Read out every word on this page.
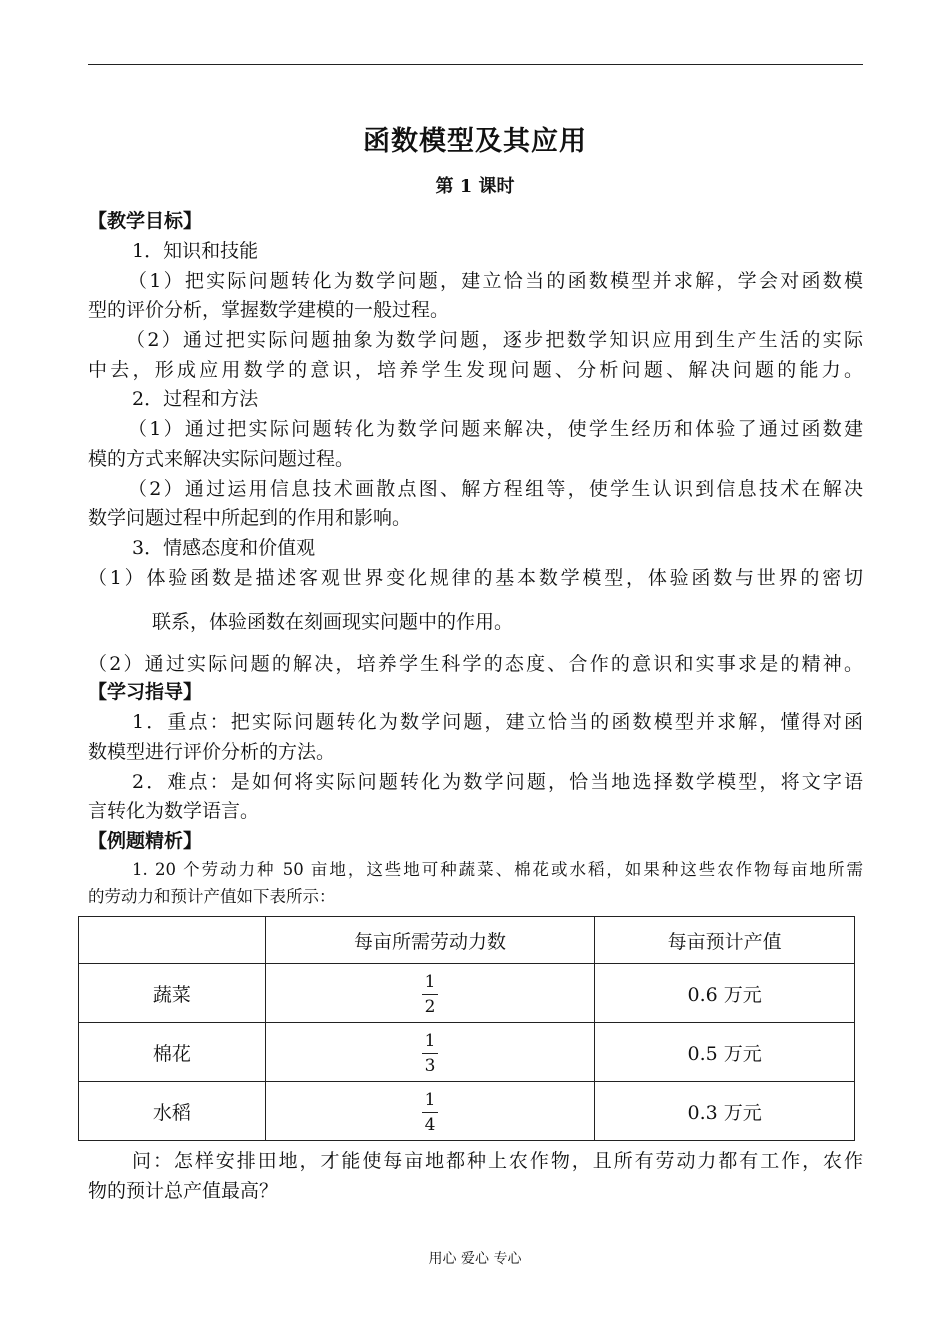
函数模型及其应用
第 1 课时
【教学目标】
1．知识和技能
（1）把实际问题转化为数学问题，建立恰当的函数模型并求解，学会对函数模
型的评价分析，掌握数学建模的一般过程。
（2）通过把实际问题抽象为数学问题，逐步把数学知识应用到生产生活的实际
中去，形成应用数学的意识，培养学生发现问题、分析问题、解决问题的能力。
2．过程和方法
（1）通过把实际问题转化为数学问题来解决，使学生经历和体验了通过函数建
模的方式来解决实际问题过程。
（2）通过运用信息技术画散点图、解方程组等，使学生认识到信息技术在解决
数学问题过程中所起到的作用和影响。
3．情感态度和价值观
（1）体验函数是描述客观世界变化规律的基本数学模型，体验函数与世界的密切
联系，体验函数在刻画现实问题中的作用。
（2）通过实际问题的解决，培养学生科学的态度、合作的意识和实事求是的精神。
【学习指导】
1．重点：把实际问题转化为数学问题，建立恰当的函数模型并求解，懂得对函
数模型进行评价分析的方法。
2．难点：是如何将实际问题转化为数学问题，恰当地选择数学模型，将文字语
言转化为数学语言。
【例题精析】
1. 20 个劳动力种 50 亩地，这些地可种蔬菜、棉花或水稻，如果种这些农作物每亩地所需
的劳动力和预计产值如下表所示：
	每亩所需劳动力数	每亩预计产值
蔬菜	$\frac{1}{2}$	0.6 万元
棉花	$\frac{1}{3}$	0.5 万元
水稻	$\frac{1}{4}$	0.3 万元
问：怎样安排田地，才能使每亩地都种上农作物，且所有劳动力都有工作，农作
物的预计总产值最高？
用心 爱心 专心
